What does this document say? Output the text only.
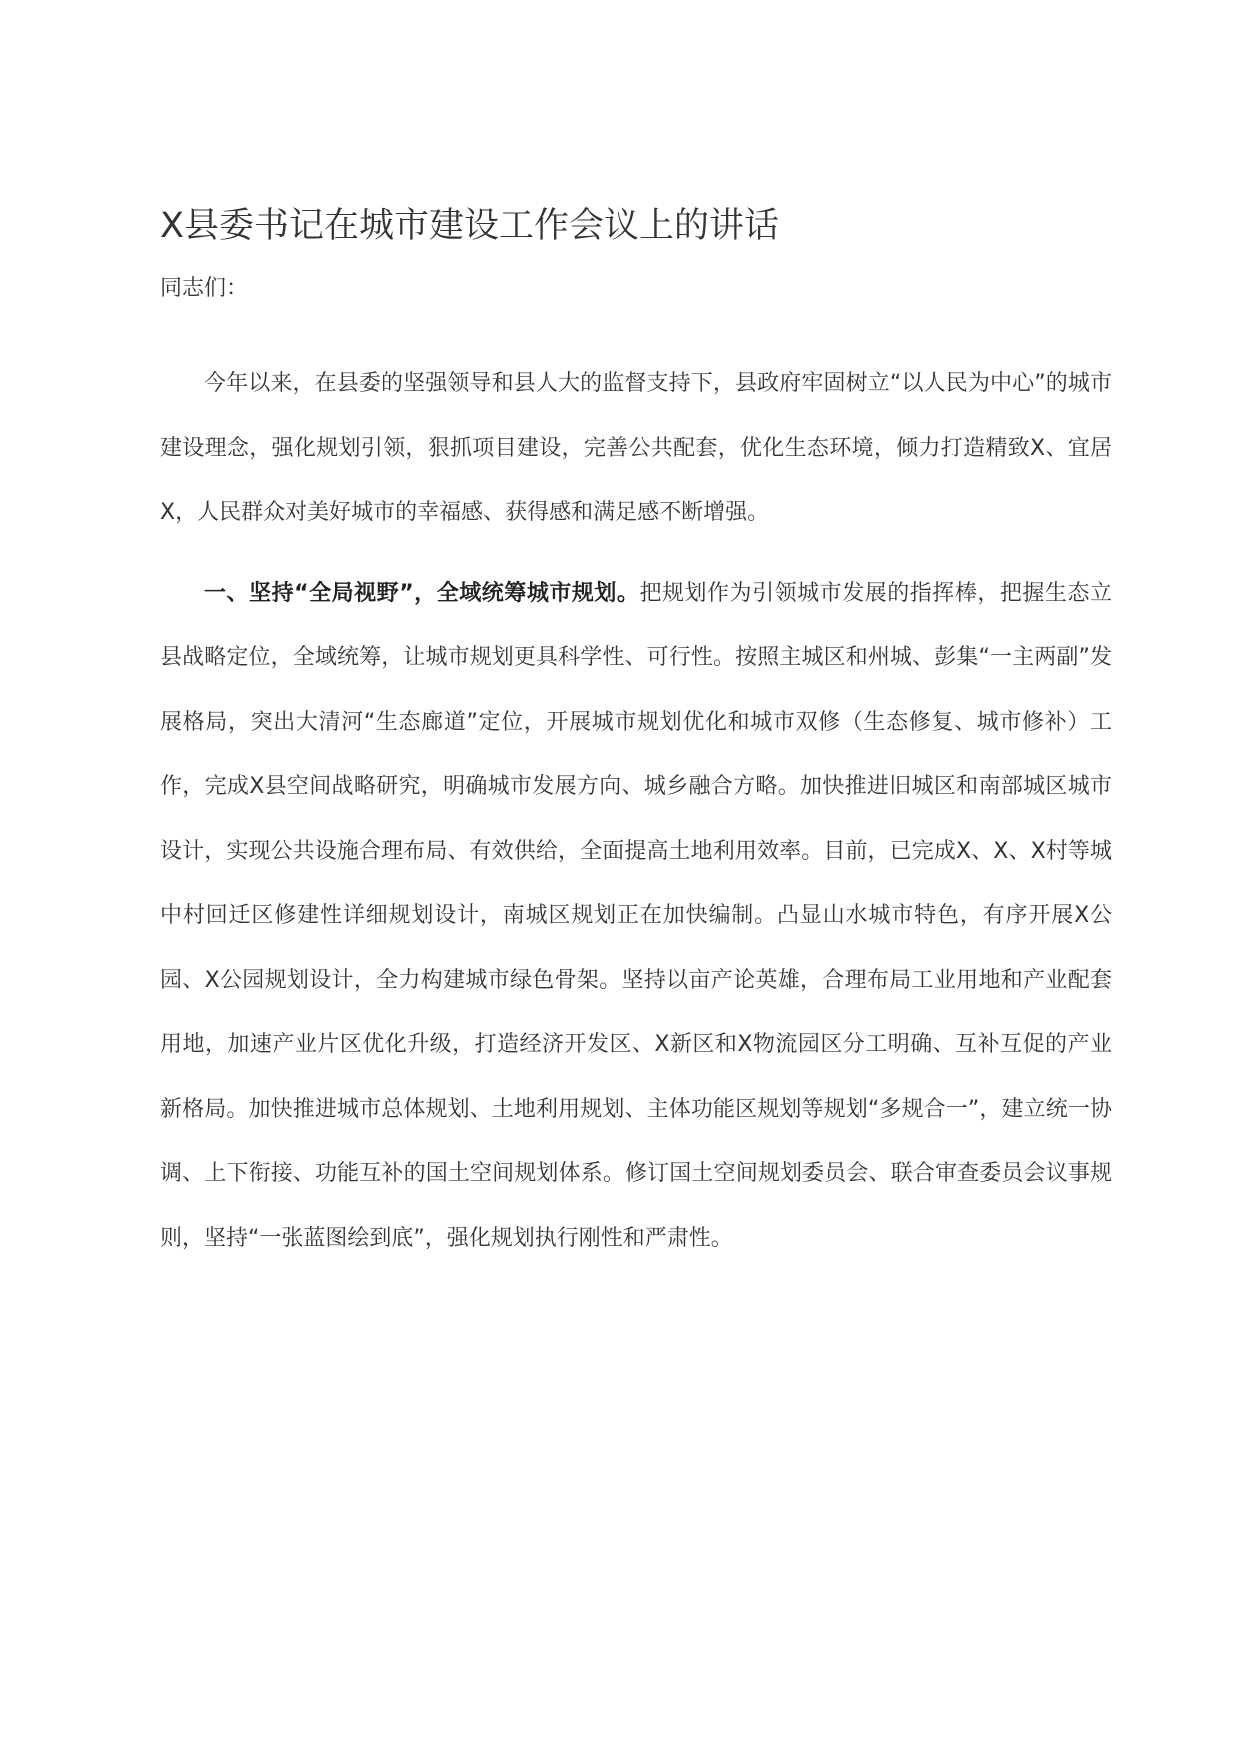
X县委书记在城市建设工作会议上的讲话
同志们：

今年以来，在县委的坚强领导和县人大的监督支持下，县政府牢固树立“以人民为中心”的城市建设理念，强化规划引领，狠抓项目建设，完善公共配套，优化生态环境，倾力打造精致X、宜居X，人民群众对美好城市的幸福感、获得感和满足感不断增强。

一、坚持“全局视野”，全域统筹城市规划。把规划作为引领城市发展的指挥棒，把握生态立县战略定位，全域统筹，让城市规划更具科学性、可行性。按照主城区和州城、彭集“一主两副”发展格局，突出大清河“生态廊道”定位，开展城市规划优化和城市双修（生态修复、城市修补）工作，完成X县空间战略研究，明确城市发展方向、城乡融合方略。加快推进旧城区和南部城区城市设计，实现公共设施合理布局、有效供给，全面提高土地利用效率。目前，已完成X、X、X村等城中村回迁区修建性详细规划设计，南城区规划正在加快编制。凸显山水城市特色，有序开展X公园、X公园规划设计，全力构建城市绿色骨架。坚持以亩产论英雄，合理布局工业用地和产业配套用地，加速产业片区优化升级，打造经济开发区、X新区和X物流园区分工明确、互补互促的产业新格局。加快推进城市总体规划、土地利用规划、主体功能区规划等规划“多规合一”，建立统一协调、上下衔接、功能互补的国土空间规划体系。修订国土空间规划委员会、联合审查委员会议事规则，坚持“一张蓝图绘到底”，强化规划执行刚性和严肃性。
